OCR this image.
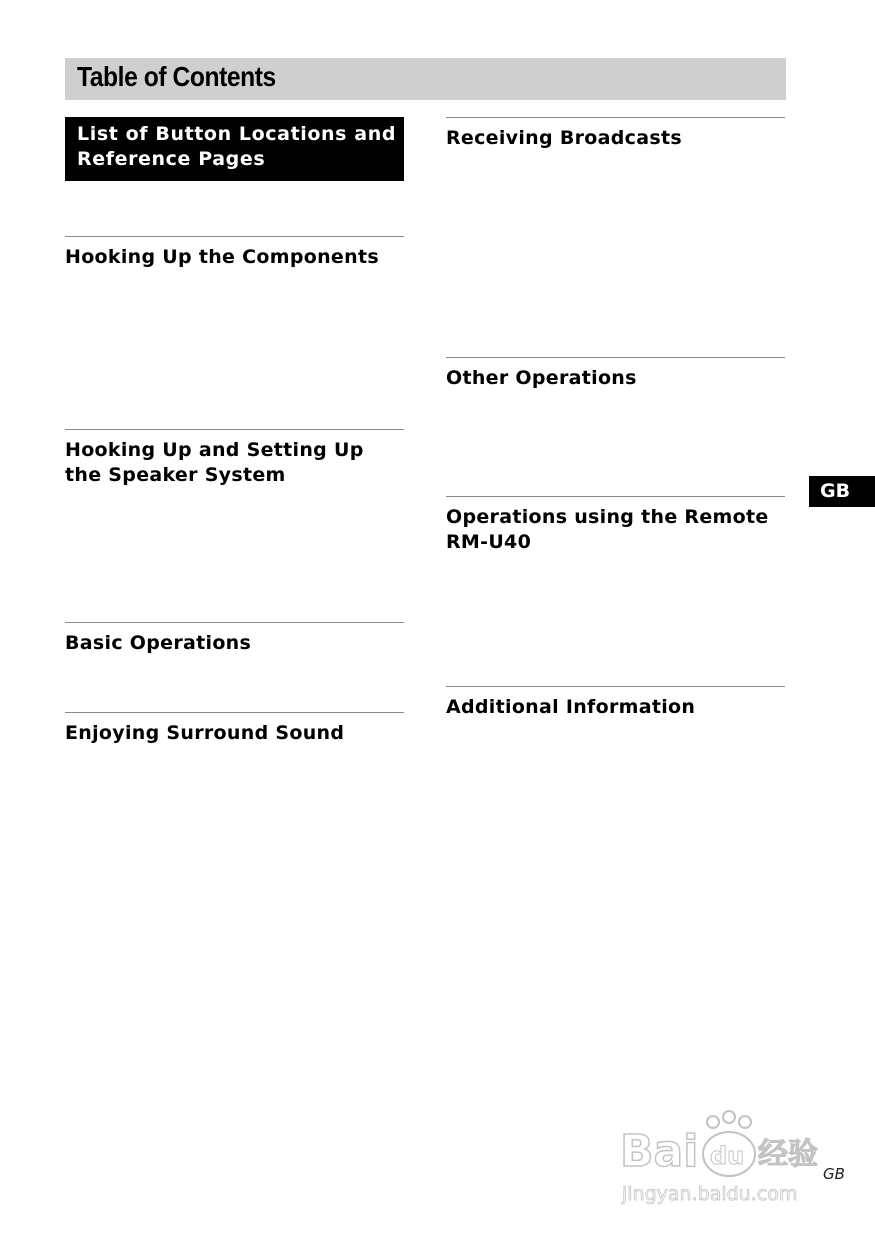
Table of Contents
List of Button Locations and Reference Pages
Hooking Up the Components
Hooking Up and Setting Up the Speaker System
Basic Operations
Enjoying Surround Sound
Receiving Broadcasts
Other Operations
Operations using the Remote RM-U40
Additional Information
GB
Bai du 经验
jingyan.baidu.com
GB
